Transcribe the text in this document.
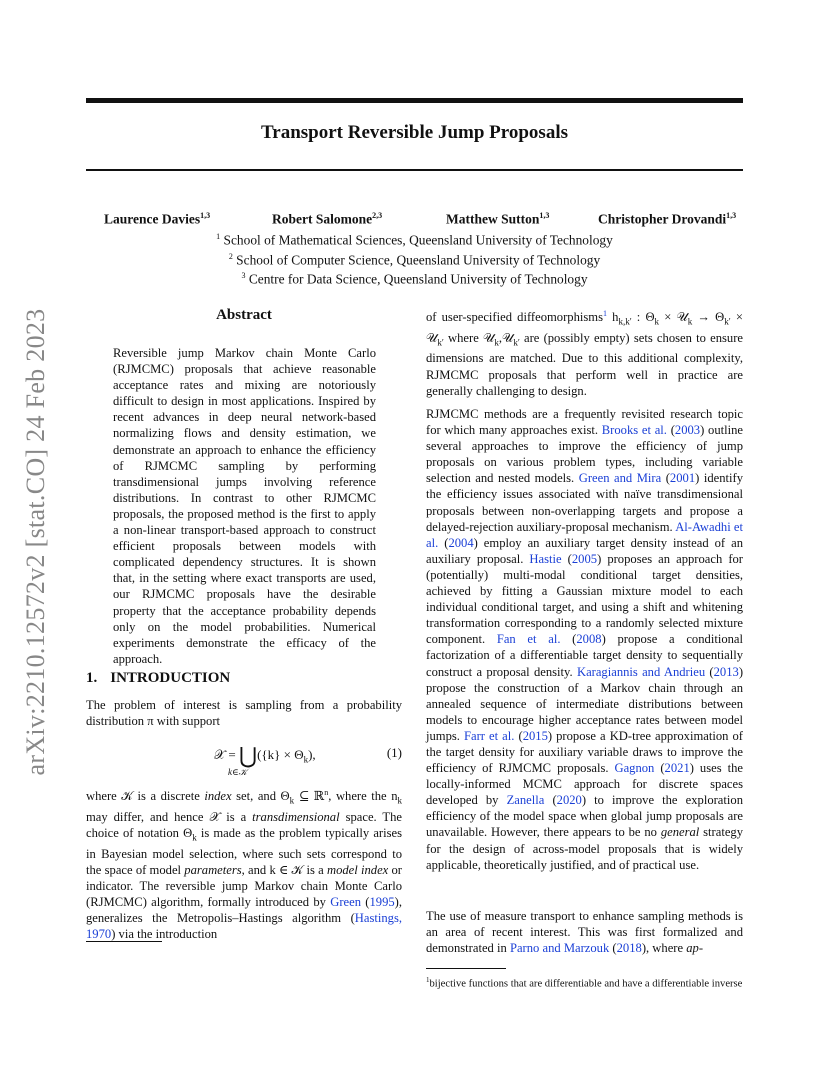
arXiv:2210.12572v2 [stat.CO] 24 Feb 2023
Transport Reversible Jump Proposals
Laurence Davies$^{1,3}$	Robert Salomone$^{2,3}$	Matthew Sutton$^{1,3}$	Christopher Drovandi$^{1,3}$
$^1$ School of Mathematical Sciences, Queensland University of Technology
$^2$ School of Computer Science, Queensland University of Technology
$^3$ Centre for Data Science, Queensland University of Technology
Abstract
Reversible jump Markov chain Monte Carlo (RJMCMC) proposals that achieve reasonable acceptance rates and mixing are notoriously difficult to design in most applications. Inspired by recent advances in deep neural network-based normalizing flows and density estimation, we demonstrate an approach to enhance the efficiency of RJMCMC sampling by performing transdimensional jumps involving reference distributions. In contrast to other RJMCMC proposals, the proposed method is the first to apply a non-linear transport-based approach to construct efficient proposals between models with complicated dependency structures. It is shown that, in the setting where exact transports are used, our RJMCMC proposals have the desirable property that the acceptance probability depends only on the model probabilities. Numerical experiments demonstrate the efficacy of the approach.
1. INTRODUCTION
The problem of interest is sampling from a probability distribution π with support
𝒳 = ⋃({k} × $\Theta_k$),
k∈𝒦
(1)
where 𝒦 is a discrete index set, and $\Theta_k$ ⊆ ℝ$^n$, where the $n_k$ may differ, and hence 𝒳 is a transdimensional space. The choice of notation $\Theta_k$ is made as the problem typically arises in Bayesian model selection, where such sets correspond to the space of model parameters, and k ∈ 𝒦 is a model index or indicator. The reversible jump Markov chain Monte Carlo (RJMCMC) algorithm, formally introduced by Green (1995), generalizes the Metropolis–Hastings algorithm (Hastings, 1970) via the introduction
of user-specified diffeomorphisms$^1$ $h_{k,k'}$ : $\Theta_k$ × 𝒰$_k$ → $\Theta_{k'}$ × 𝒰$_{k'}$ where 𝒰$_k$,𝒰$_{k'}$ are (possibly empty) sets chosen to ensure dimensions are matched. Due to this additional complexity, RJMCMC proposals that perform well in practice are generally challenging to design.
RJMCMC methods are a frequently revisited research topic for which many approaches exist. Brooks et al. (2003) outline several approaches to improve the efficiency of jump proposals on various problem types, including variable selection and nested models. Green and Mira (2001) identify the efficiency issues associated with naïve transdimensional proposals between non-overlapping targets and propose a delayed-rejection auxiliary-proposal mechanism. Al-Awadhi et al. (2004) employ an auxiliary target density instead of an auxiliary proposal. Hastie (2005) proposes an approach for (potentially) multi-modal conditional target densities, achieved by fitting a Gaussian mixture model to each individual conditional target, and using a shift and whitening transformation corresponding to a randomly selected mixture component. Fan et al. (2008) propose a conditional factorization of a differentiable target density to sequentially construct a proposal density. Karagiannis and Andrieu (2013) propose the construction of a Markov chain through an annealed sequence of intermediate distributions between models to encourage higher acceptance rates between model jumps. Farr et al. (2015) propose a KD-tree approximation of the target density for auxiliary variable draws to improve the efficiency of RJMCMC proposals. Gagnon (2021) uses the locally-informed MCMC approach for discrete spaces developed by Zanella (2020) to improve the exploration efficiency of the model space when global jump proposals are unavailable. However, there appears to be no general strategy for the design of across-model proposals that is widely applicable, theoretically justified, and of practical use.
The use of measure transport to enhance sampling methods is an area of recent interest. This was first formalized and demonstrated in Parno and Marzouk (2018), where ap-
$^1$bijective functions that are differentiable and have a differentiable inverse
